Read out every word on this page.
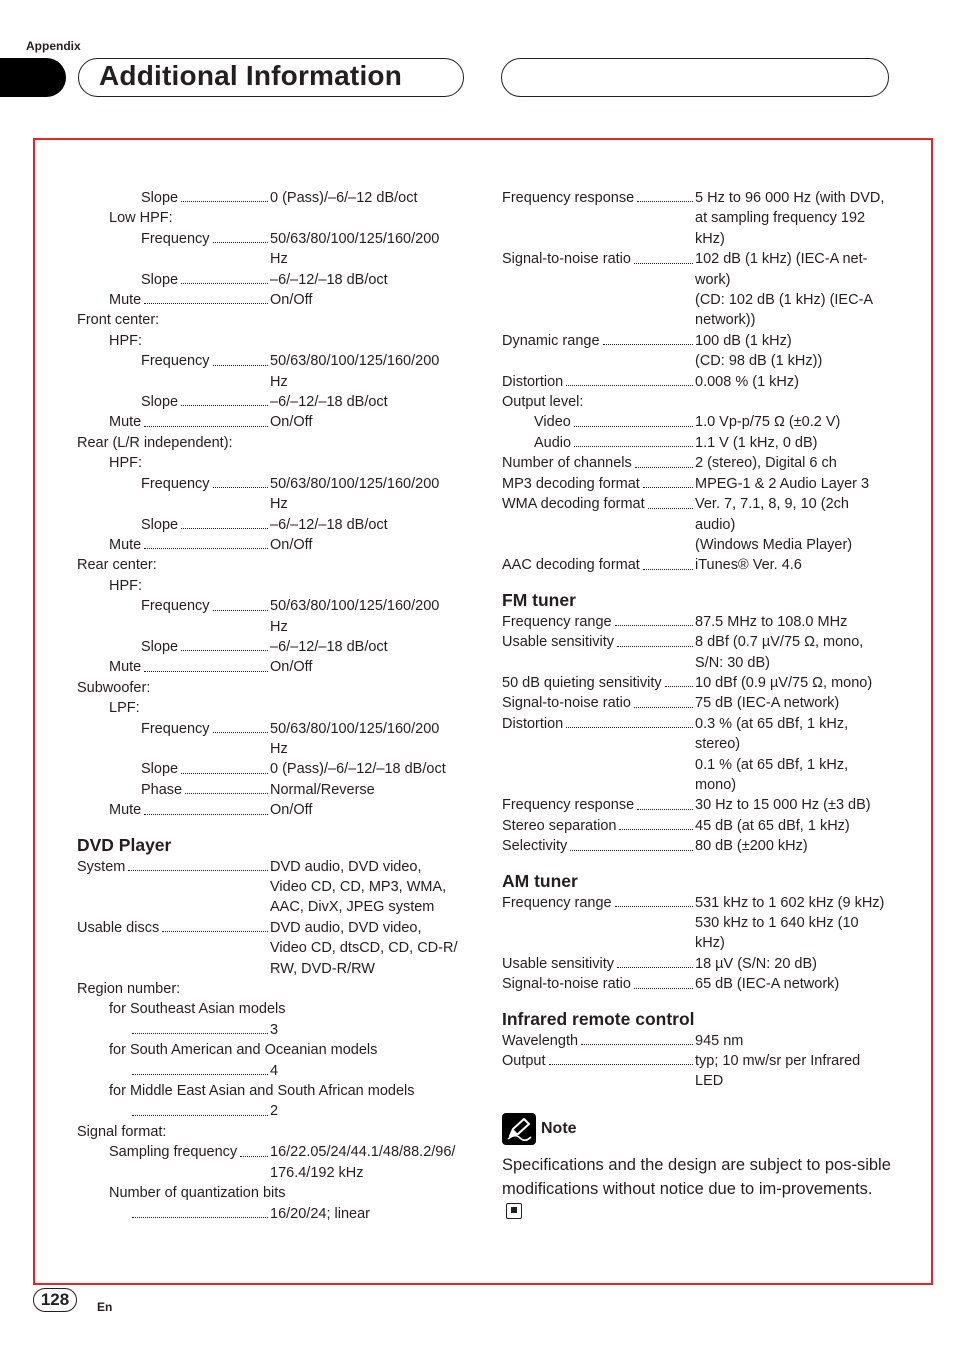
Appendix
Additional Information
Slope	0 (Pass)/–6/–12 dB/oct
Low HPF:
Frequency	50/63/80/100/125/160/200
Hz
Slope	–6/–12/–18 dB/oct
Mute	On/Off
Front center:
HPF:
Frequency	50/63/80/100/125/160/200
Hz
Slope	–6/–12/–18 dB/oct
Mute	On/Off
Rear (L/R independent):
HPF:
Frequency	50/63/80/100/125/160/200
Hz
Slope	–6/–12/–18 dB/oct
Mute	On/Off
Rear center:
HPF:
Frequency	50/63/80/100/125/160/200
Hz
Slope	–6/–12/–18 dB/oct
Mute	On/Off
Subwoofer:
LPF:
Frequency	50/63/80/100/125/160/200
Hz
Slope	0 (Pass)/–6/–12/–18 dB/oct
Phase	Normal/Reverse
Mute	On/Off
DVD Player
System	DVD audio, DVD video,
Video CD, CD, MP3, WMA,
AAC, DivX, JPEG system
Usable discs	DVD audio, DVD video,
Video CD, dtsCD, CD, CD-R/
RW, DVD-R/RW
Region number:
for Southeast Asian models
3
for South American and Oceanian models
4
for Middle East Asian and South African models
2
Signal format:
Sampling frequency 16/22.05/24/44.1/48/88.2/96/
176.4/192 kHz
Number of quantization bits
16/20/24; linear
Frequency response	5 Hz to 96 000 Hz (with DVD,
at sampling frequency 192
kHz)
Signal-to-noise ratio	102 dB (1 kHz) (IEC-A net-
work)
(CD: 102 dB (1 kHz) (IEC-A
network))
Dynamic range	100 dB (1 kHz)
(CD: 98 dB (1 kHz))
Distortion	0.008 % (1 kHz)
Output level:
Video	1.0 Vp-p/75 Ω (±0.2 V)
Audio	1.1 V (1 kHz, 0 dB)
Number of channels	2 (stereo), Digital 6 ch
MP3 decoding format	MPEG-1 & 2 Audio Layer 3
WMA decoding format	Ver. 7, 7.1, 8, 9, 10 (2ch
audio)
(Windows Media Player)
AAC decoding format	iTunes® Ver. 4.6
FM tuner
Frequency range	87.5 MHz to 108.0 MHz
Usable sensitivity	8 dBf (0.7 µV/75 Ω, mono,
S/N: 30 dB)
50 dB quieting sensitivity 10 dBf (0.9 µV/75 Ω, mono)
Signal-to-noise ratio	75 dB (IEC-A network)
Distortion	0.3 % (at 65 dBf, 1 kHz,
stereo)
0.1 % (at 65 dBf, 1 kHz,
mono)
Frequency response	30 Hz to 15 000 Hz (±3 dB)
Stereo separation	45 dB (at 65 dBf, 1 kHz)
Selectivity	80 dB (±200 kHz)
AM tuner
Frequency range	531 kHz to 1 602 kHz (9 kHz)
530 kHz to 1 640 kHz (10
kHz)
Usable sensitivity	18 µV (S/N: 20 dB)
Signal-to-noise ratio	65 dB (IEC-A network)
Infrared remote control
Wavelength	945 nm
Output	typ; 10 mw/sr per Infrared
LED
Note
Specifications and the design are subject to pos-sible modifications without notice due to im-provements.
128	En
